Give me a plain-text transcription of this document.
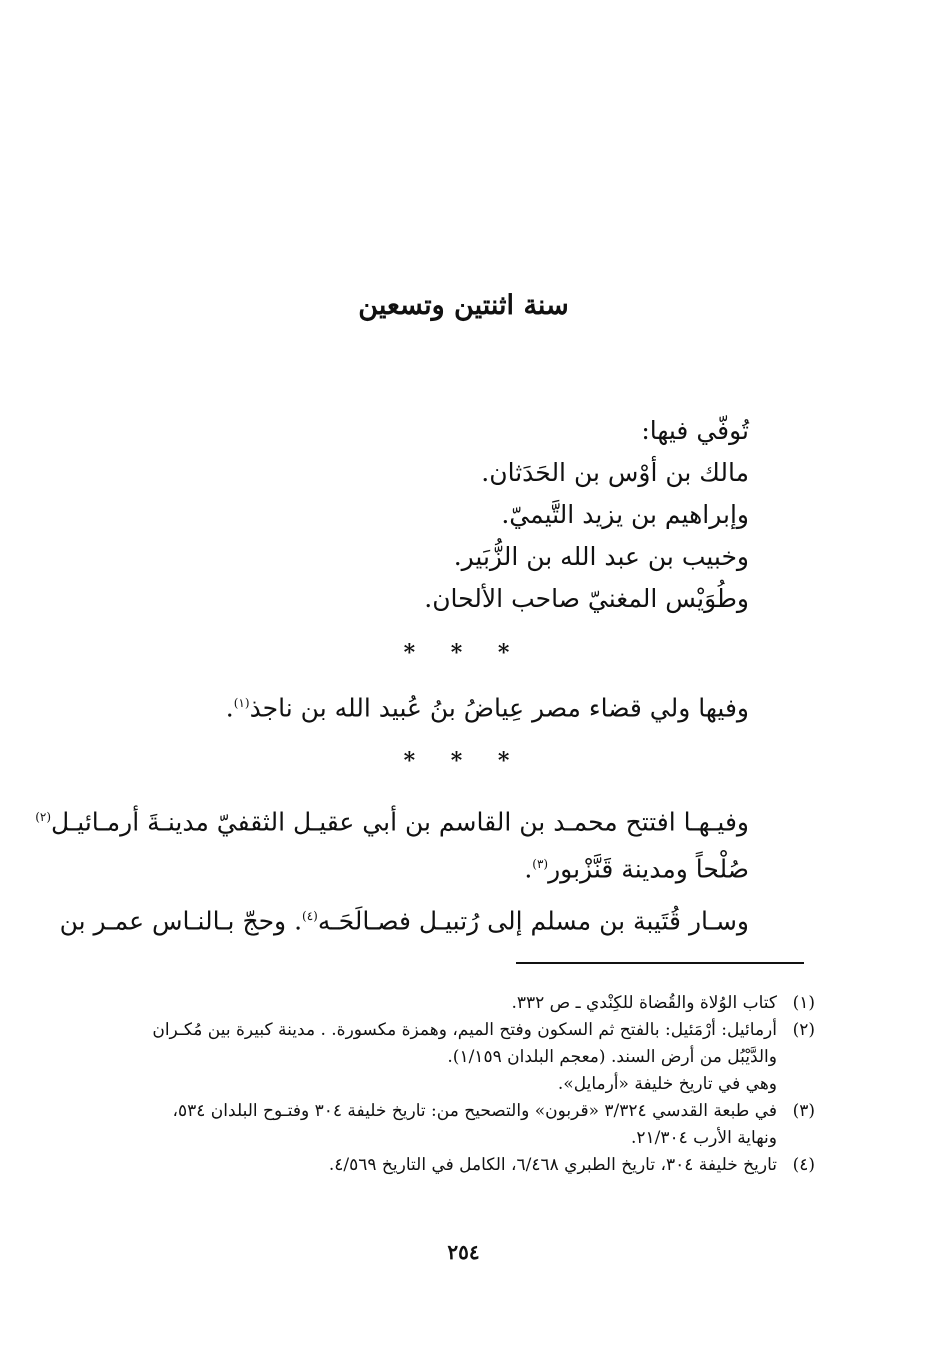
سنة اثنتين وتسعين
تُوفّي فيها:
مالك بن أوْس بن الحَدَثان.
وإبراهيم بن يزيد التَّيميّ.
وخبيب بن عبد الله بن الزُّبَير.
وطُوَيْس المغنيّ صاحب الألحان.
* * *
وفيها ولي قضاء مصر عِياضُ بنُ عُبيد الله بن ناجذ$^{(١)}$.
* * *
وفيـهـا افتتح محمـد بن القاسم بن أبي عقيـل الثقفيّ مدينـةَ أرمـائيـل$^{(٢)}$
صُلْحاً ومدينة قَنَّزْبور$^{(٣)}$.
وسـار قُتَيبة بن مسلم إلى رُتبيـل فصـالَحَـه$^{(٤)}$. وحجّ بـالنـاس عمـر بن
(١)
كتاب الوُلاة والقُضاة للكِنْدي ـ ص ٣٣٢.
(٢)
أرمائيل: أرْمَئيل: بالفتح ثم السكون وفتح الميم، وهمزة مكسورة. . مدينة كبيرة بين مُكـران
والدَّيْبُل من أرض السند. (معجم البلدان ١/١٥٩).
وهي في تاريخ خليفة «أرمايل».
(٣)
في طبعة القدسي ٣/٣٢٤ «قربون» والتصحيح من: تاريخ خليفة ٣٠٤ وفتـوح البلدان ٥٣٤،
ونهاية الأرب ٢١/٣٠٤.
(٤)
تاريخ خليفة ٣٠٤، تاريخ الطبري ٦/٤٦٨، الكامل في التاريخ ٤/٥٦٩.
٢٥٤
